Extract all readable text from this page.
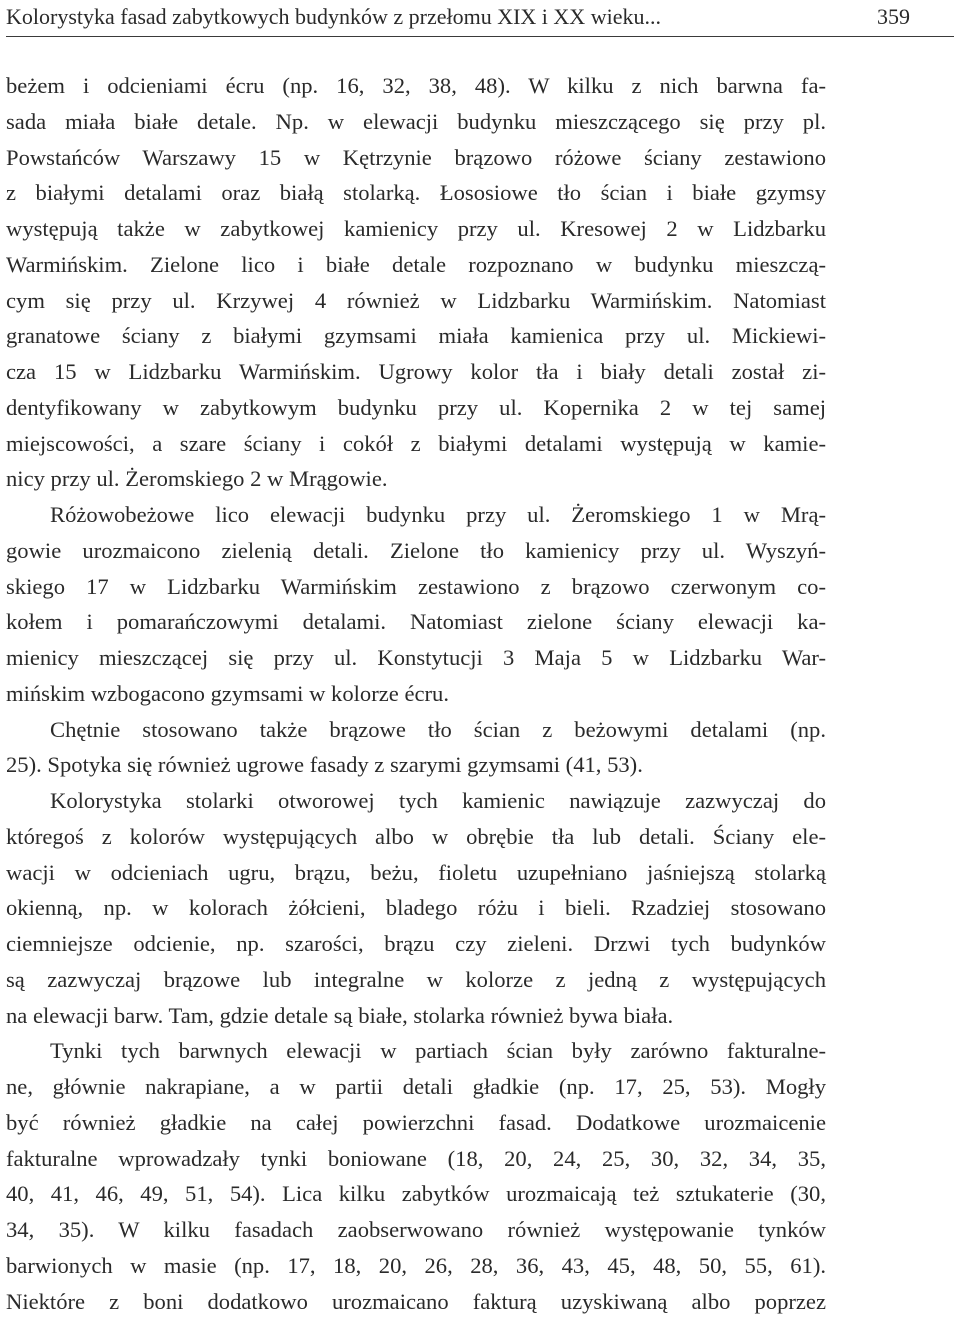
Kolorystyka fasad zabytkowych budynków z przełomu XIX i XX wieku...	359
beżem i odcieniami écru (np. 16, 32, 38, 48). W kilku z nich barwna fa-
sada miała białe detale. Np. w elewacji budynku mieszczącego się przy pl.
Powstańców Warszawy 15 w Kętrzynie brązowo różowe ściany zestawiono
z białymi detalami oraz białą stolarką. Łososiowe tło ścian i białe gzymsy
występują także w zabytkowej kamienicy przy ul. Kresowej 2 w Lidzbarku
Warmińskim. Zielone lico i białe detale rozpoznano w budynku mieszczą-
cym się przy ul. Krzywej 4 również w Lidzbarku Warmińskim. Natomiast
granatowe ściany z białymi gzymsami miała kamienica przy ul. Mickiewi-
cza 15 w Lidzbarku Warmińskim. Ugrowy kolor tła i biały detali został zi-
dentyfikowany w zabytkowym budynku przy ul. Kopernika 2 w tej samej
miejscowości, a szare ściany i cokół z białymi detalami występują w kamie-
nicy przy ul. Żeromskiego 2 w Mrągowie.
Różowobeżowe lico elewacji budynku przy ul. Żeromskiego 1 w Mrą-
gowie urozmaicono zielenią detali. Zielone tło kamienicy przy ul. Wyszyń-
skiego 17 w Lidzbarku Warmińskim zestawiono z brązowo czerwonym co-
kołem i pomarańczowymi detalami. Natomiast zielone ściany elewacji ka-
mienicy mieszczącej się przy ul. Konstytucji 3 Maja 5 w Lidzbarku War-
mińskim wzbogacono gzymsami w kolorze écru.
Chętnie stosowano także brązowe tło ścian z beżowymi detalami (np.
25). Spotyka się również ugrowe fasady z szarymi gzymsami (41, 53).
Kolorystyka stolarki otworowej tych kamienic nawiązuje zazwyczaj do
któregoś z kolorów występujących albo w obrębie tła lub detali. Ściany ele-
wacji w odcieniach ugru, brązu, beżu, fioletu uzupełniano jaśniejszą stolarką
okienną, np. w kolorach żółcieni, bladego różu i bieli. Rzadziej stosowano
ciemniejsze odcienie, np. szarości, brązu czy zieleni. Drzwi tych budynków
są zazwyczaj brązowe lub integralne w kolorze z jedną z występujących
na elewacji barw. Tam, gdzie detale są białe, stolarka również bywa biała.
Tynki tych barwnych elewacji w partiach ścian były zarówno fakturalne-
ne, głównie nakrapiane, a w partii detali gładkie (np. 17, 25, 53). Mogły
być również gładkie na całej powierzchni fasad. Dodatkowe urozmaicenie
fakturalne wprowadzały tynki boniowane (18, 20, 24, 25, 30, 32, 34, 35,
40, 41, 46, 49, 51, 54). Lica kilku zabytków urozmaicają też sztukaterie (30,
34, 35). W kilku fasadach zaobserwowano również występowanie tynków
barwionych w masie (np. 17, 18, 20, 26, 28, 36, 43, 45, 48, 50, 55, 61).
Niektóre z boni dodatkowo urozmaicano fakturą uzyskiwaną albo poprzez
